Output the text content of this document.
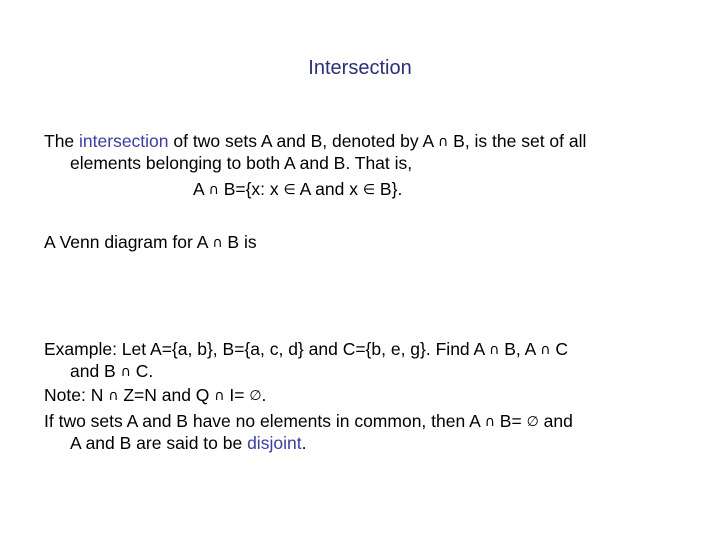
Intersection
The intersection of two sets A and B, denoted by A ∩ B, is the set of all
elements belonging to both A and B. That is,
A ∩ B={x: x ∈ A and x ∈ B}.
A Venn diagram for A ∩ B is
Example: Let A={a, b}, B={a, c, d} and C={b, e, g}. Find A ∩ B, A ∩ C
and B ∩ C.
Note: N ∩ Z=N and Q ∩ I= ∅.
If two sets A and B have no elements in common, then A ∩ B= ∅ and
A and B are said to be disjoint.
